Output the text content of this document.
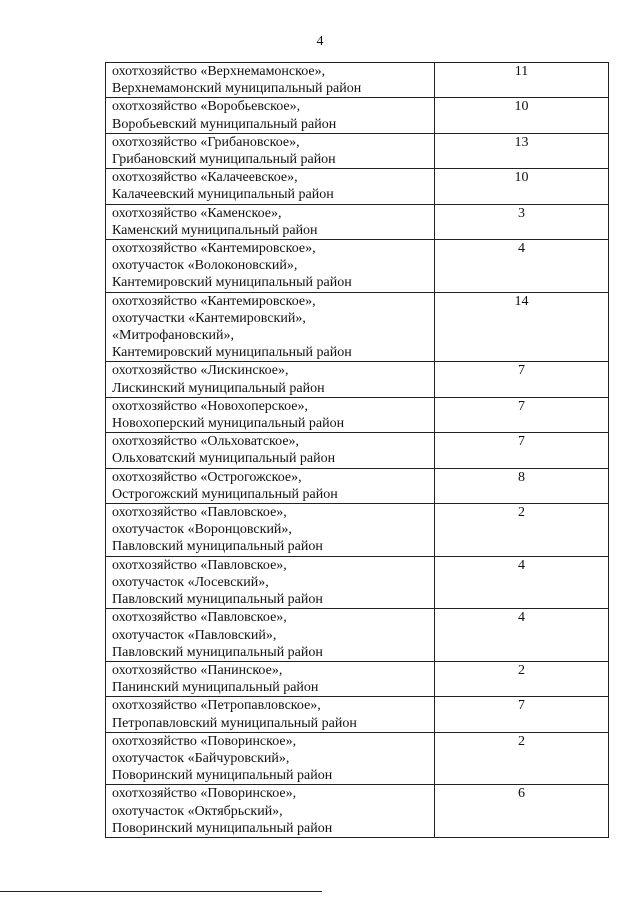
4
охотхозяйство «Верхнемамонское»,
Верхнемамонский муниципальный район	11

охотхозяйство «Воробьевское»,
Воробьевский муниципальный район	10

охотхозяйство «Грибановское»,
Грибановский муниципальный район	13

охотхозяйство «Калачеевское»,
Калачеевский муниципальный район	10

охотхозяйство «Каменское»,
Каменский муниципальный район	3

охотхозяйство «Кантемировское»,
охотучасток «Волоконовский»,
Кантемировский муниципальный район	4

охотхозяйство «Кантемировское»,
охотучастки «Кантемировский»,
«Митрофановский»,
Кантемировский муниципальный район	14

охотхозяйство «Лискинское»,
Лискинский муниципальный район	7

охотхозяйство «Новохоперское»,
Новохоперский муниципальный район	7

охотхозяйство «Ольховатское»,
Ольховатский муниципальный район	7

охотхозяйство «Острогожское»,
Острогожский муниципальный район	8

охотхозяйство «Павловское»,
охотучасток «Воронцовский»,
Павловский муниципальный район	2

охотхозяйство «Павловское»,
охотучасток «Лосевский»,
Павловский муниципальный район	4

охотхозяйство «Павловское»,
охотучасток «Павловский»,
Павловский муниципальный район	4

охотхозяйство «Панинское»,
Панинский муниципальный район	2

охотхозяйство «Петропавловское»,
Петропавловский муниципальный район	7

охотхозяйство «Поворинское»,
охотучасток «Байчуровский»,
Поворинский муниципальный район	2

охотхозяйство «Поворинское»,
охотучасток «Октябрьский»,
Поворинский муниципальный район	6
